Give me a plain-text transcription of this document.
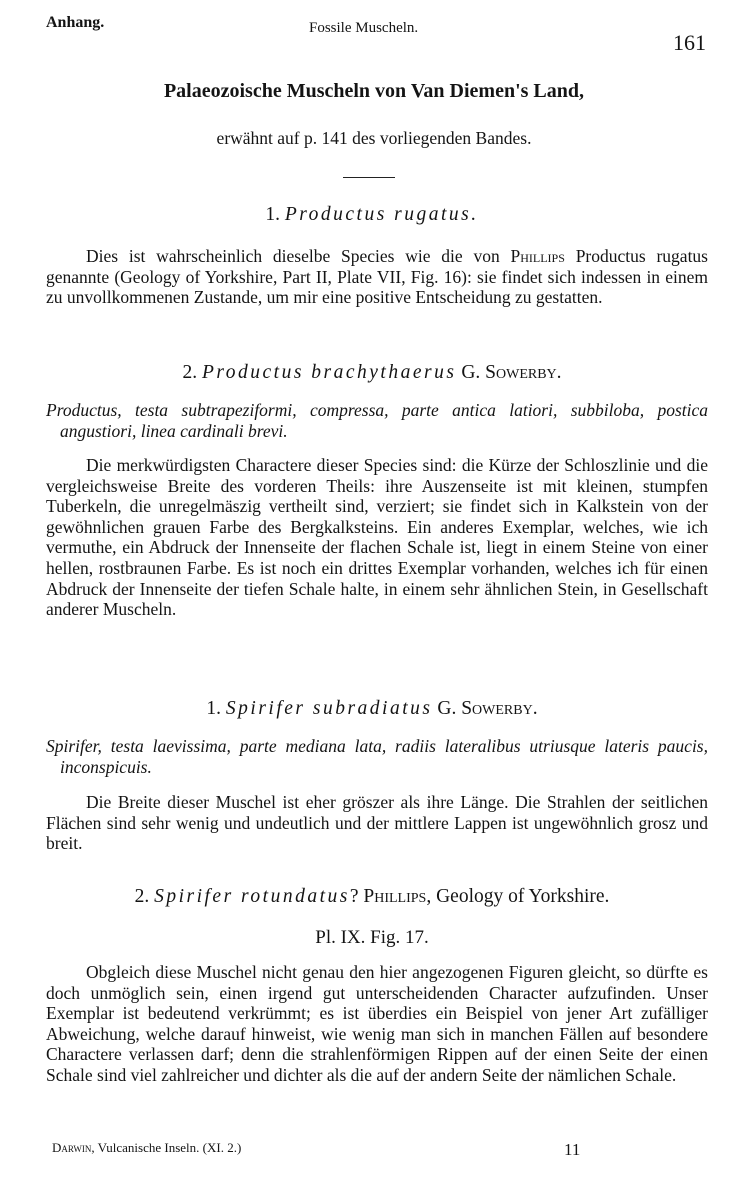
Anhang.	Fossile Muscheln.
161
Palaeozoische Muscheln von Van Diemen's Land,
erwähnt auf p. 141 des vorliegenden Bandes.
1. Productus rugatus.
Dies ist wahrscheinlich dieselbe Species wie die von Phillips Productus rugatus genannte (Geology of Yorkshire, Part II, Plate VII, Fig. 16): sie findet sich indessen in einem zu unvollkommenen Zustande, um mir eine positive Entscheidung zu gestatten.
2. Productus brachythaerus G. Sowerby.
Productus, testa subtrapeziformi, compressa, parte antica latiori, subbiloba, postica angustiori, linea cardinali brevi.
Die merkwürdigsten Charactere dieser Species sind: die Kürze der Schloszlinie und die vergleichsweise Breite des vorderen Theils: ihre Auszenseite ist mit kleinen, stumpfen Tuberkeln, die unregelmäszig vertheilt sind, verziert; sie findet sich in Kalkstein von der gewöhnlichen grauen Farbe des Bergkalksteins. Ein anderes Exemplar, welches, wie ich vermuthe, ein Abdruck der Innenseite der flachen Schale ist, liegt in einem Steine von einer hellen, rostbraunen Farbe. Es ist noch ein drittes Exemplar vorhanden, welches ich für einen Abdruck der Innenseite der tiefen Schale halte, in einem sehr ähnlichen Stein, in Gesellschaft anderer Muscheln.
1. Spirifer subradiatus G. Sowerby.
Spirifer, testa laevissima, parte mediana lata, radiis lateralibus utriusque lateris paucis, inconspicuis.
Die Breite dieser Muschel ist eher gröszer als ihre Länge. Die Strahlen der seitlichen Flächen sind sehr wenig und undeutlich und der mittlere Lappen ist ungewöhnlich grosz und breit.
2. Spirifer rotundatus? Phillips, Geology of Yorkshire.
Pl. IX. Fig. 17.
Obgleich diese Muschel nicht genau den hier angezogenen Figuren gleicht, so dürfte es doch unmöglich sein, einen irgend gut unterscheidenden Character aufzufinden. Unser Exemplar ist bedeutend verkrümmt; es ist überdies ein Beispiel von jener Art zufälliger Abweichung, welche darauf hinweist, wie wenig man sich in manchen Fällen auf besondere Charactere verlassen darf; denn die strahlenförmigen Rippen auf der einen Seite der einen Schale sind viel zahlreicher und dichter als die auf der andern Seite der nämlichen Schale.
Darwin, Vulcanische Inseln. (XI. 2.)	11
